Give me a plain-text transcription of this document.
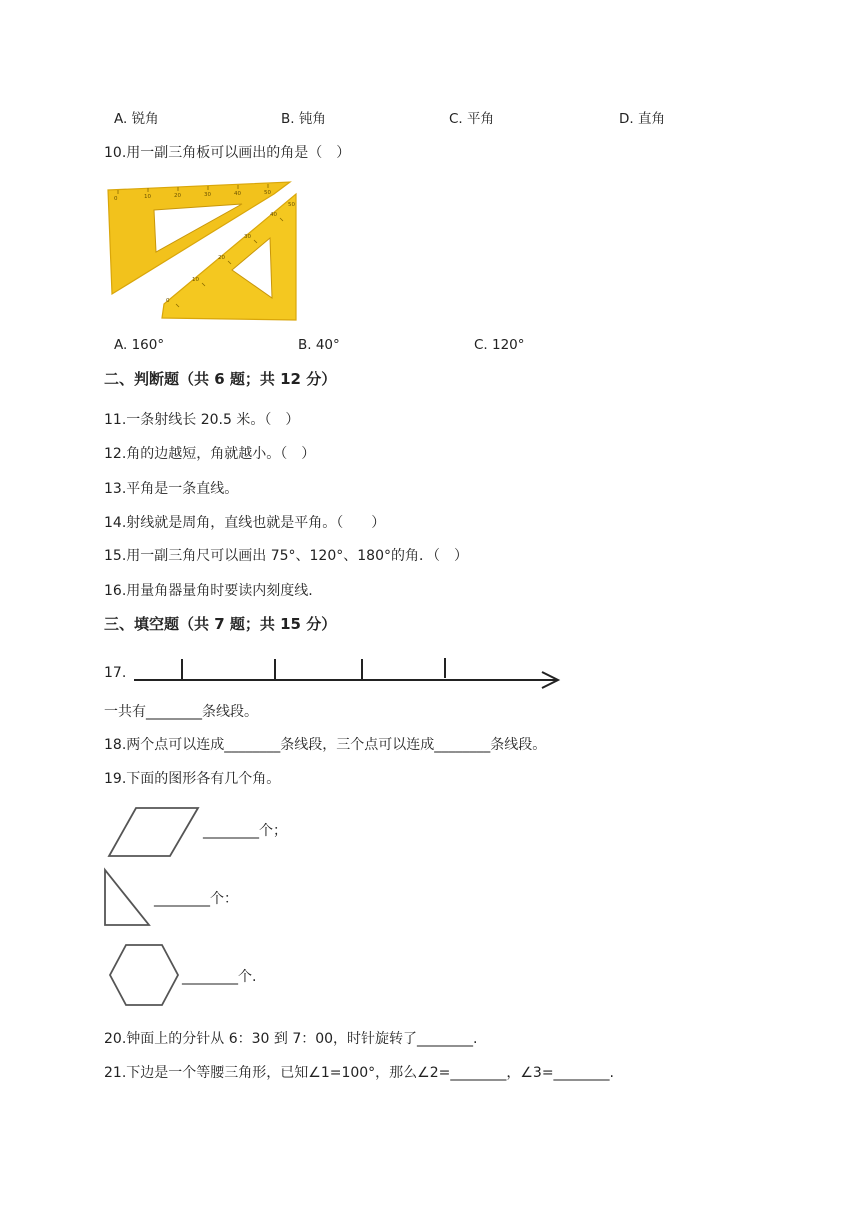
A. 锐角	B. 钝角	C. 平角	D. 直角
10.用一副三角板可以画出的角是（　）
0	10	20	30	40	50
0
10
20
30
40
50
A. 160°	B. 40°	C. 120°
二、判断题（共 6 题；共 12 分）
11.一条射线长 20.5 米。（　）
12.角的边越短，角就越小。（　）
13.平角是一条直线。
14.射线就是周角，直线也就是平角。（　　）
15.用一副三角尺可以画出 75°、120°、180°的角．（　）
16.用量角器量角时要读内刻度线.
三、填空题（共 7 题；共 15 分）
17.
一共有________条线段。
18.两个点可以连成________条线段，三个点可以连成________条线段。
19.下面的图形各有几个角。
________个；
________个：
________个.
20.钟面上的分针从 6：30 到 7：00，时针旋转了________.
21.下边是一个等腰三角形，已知∠1=100°，那么∠2=________，∠3=________.
